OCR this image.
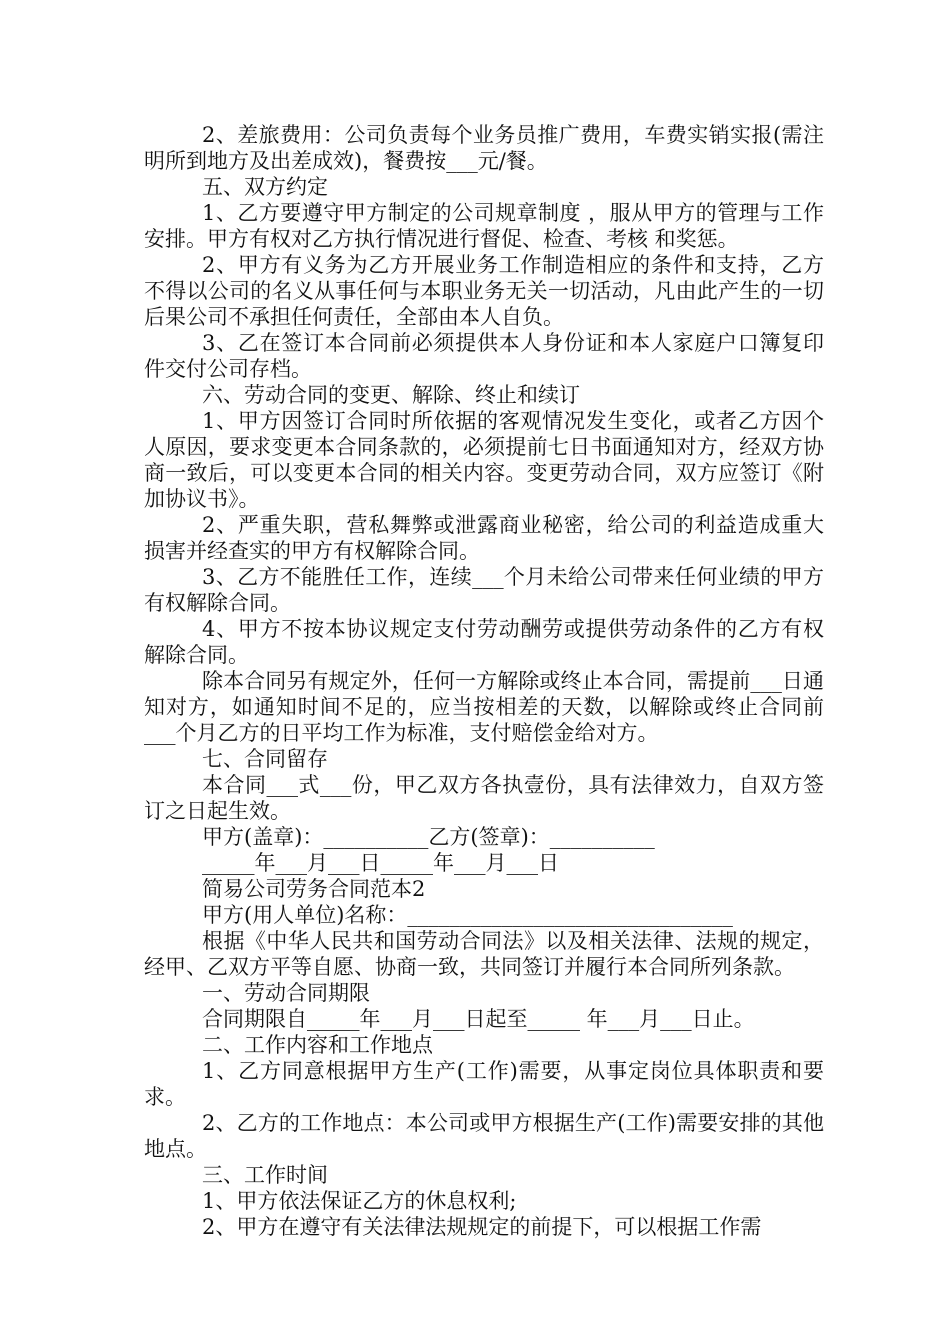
2、差旅费用：公司负责每个业务员推广费用，车费实销实报(需注明所到地方及出差成效)，餐费按___元/餐。

五、双方约定

1、乙方要遵守甲方制定的公司规章制度 ，服从甲方的管理与工作安排。甲方有权对乙方执行情况进行督促、检查、考核 和奖惩。

2、甲方有义务为乙方开展业务工作制造相应的条件和支持，乙方不得以公司的名义从事任何与本职业务无关一切活动，凡由此产生的一切后果公司不承担任何责任，全部由本人自负。

3、乙在签订本合同前必须提供本人身份证和本人家庭户口簿复印件交付公司存档。

六、劳动合同的变更、解除、终止和续订

1、甲方因签订合同时所依据的客观情况发生变化，或者乙方因个人原因，要求变更本合同条款的，必须提前七日书面通知对方，经双方协商一致后，可以变更本合同的相关内容。变更劳动合同，双方应签订《附加协议书》。

2、严重失职，营私舞弊或泄露商业秘密，给公司的利益造成重大损害并经查实的甲方有权解除合同。

3、乙方不能胜任工作，连续___个月未给公司带来任何业绩的甲方有权解除合同。

4、甲方不按本协议规定支付劳动酬劳或提供劳动条件的乙方有权解除合同。

除本合同另有规定外，任何一方解除或终止本合同，需提前___日通知对方，如通知时间不足的，应当按相差的天数，以解除或终止合同前___个月乙方的日平均工作为标准，支付赔偿金给对方。

七、合同留存

本合同___式___份，甲乙双方各执壹份，具有法律效力，自双方签订之日起生效。

甲方(盖章)：__________乙方(签章)：__________

_____年___月___日_____年___月___日

简易公司劳务合同范本2

甲方(用人单位)名称：_______________________________

根据《中华人民共和国劳动合同法》以及相关法律、法规的规定，经甲、乙双方平等自愿、协商一致，共同签订并履行本合同所列条款。

一、劳动合同期限

合同期限自_____年___月___日起至_____ 年___月___日止。

二、工作内容和工作地点

1、乙方同意根据甲方生产(工作)需要，从事定岗位具体职责和要求。

2、乙方的工作地点：本公司或甲方根据生产(工作)需要安排的其他地点。

三、工作时间

1、甲方依法保证乙方的休息权利;

2、甲方在遵守有关法律法规规定的前提下，可以根据工作需
